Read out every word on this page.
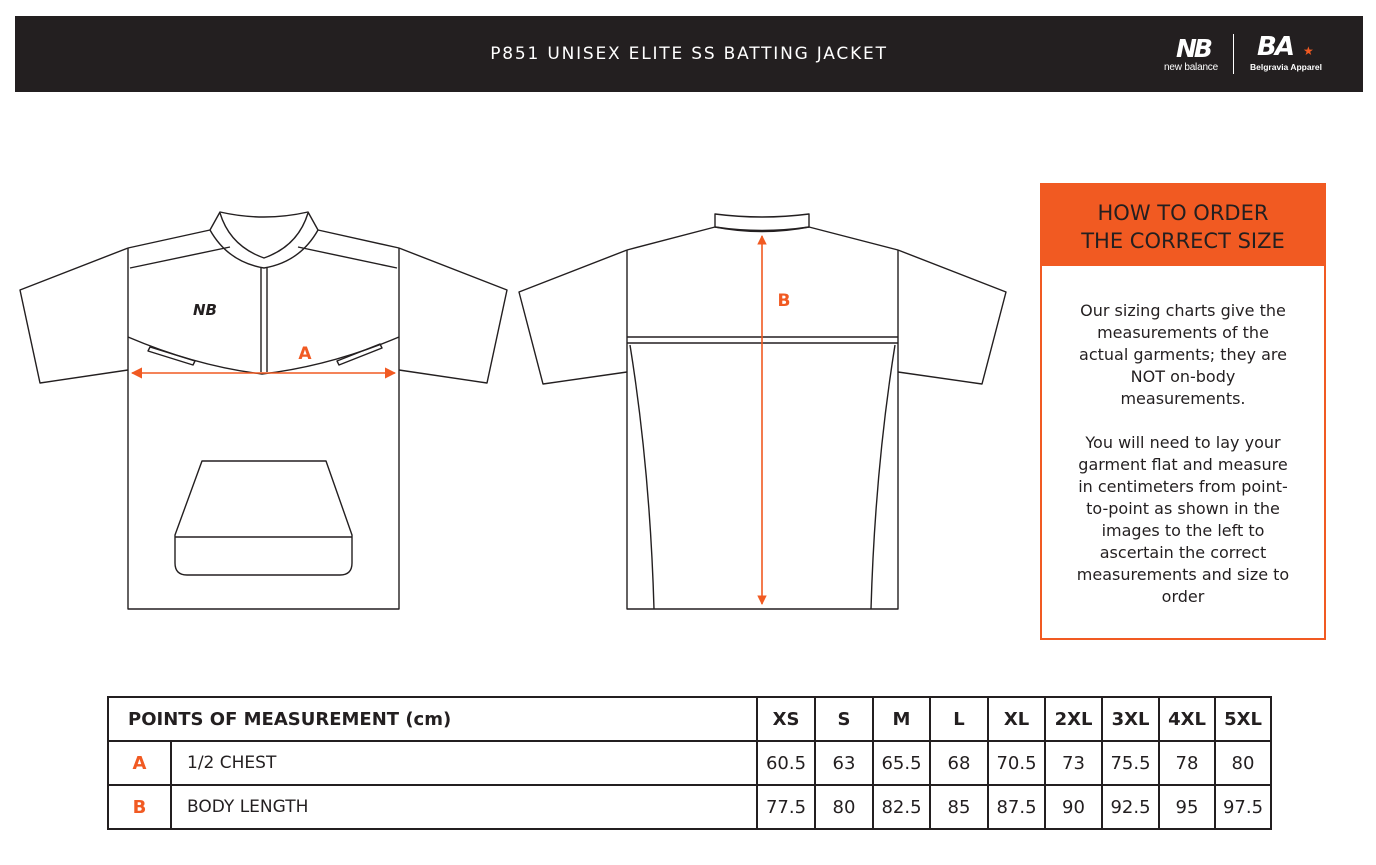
P851 UNISEX ELITE SS BATTING JACKET	NB
new balance
BA ★
Belgravia Apparel
NB
A
B
HOW TO ORDER
THE CORRECT SIZE

Our sizing charts give the measurements of the actual garments; they are NOT on-body measurements.

You will need to lay your garment flat and measure in centimeters from point-to-point as shown in the images to the left to ascertain the correct measurements and size to order

POINTS OF MEASUREMENT (cm)		XS	S	M	L	XL	2XL	3XL	4XL	5XL
A	1/2 CHEST	60.5	63	65.5	68	70.5	73	75.5	78	80
B	BODY LENGTH	77.5	80	82.5	85	87.5	90	92.5	95	97.5
